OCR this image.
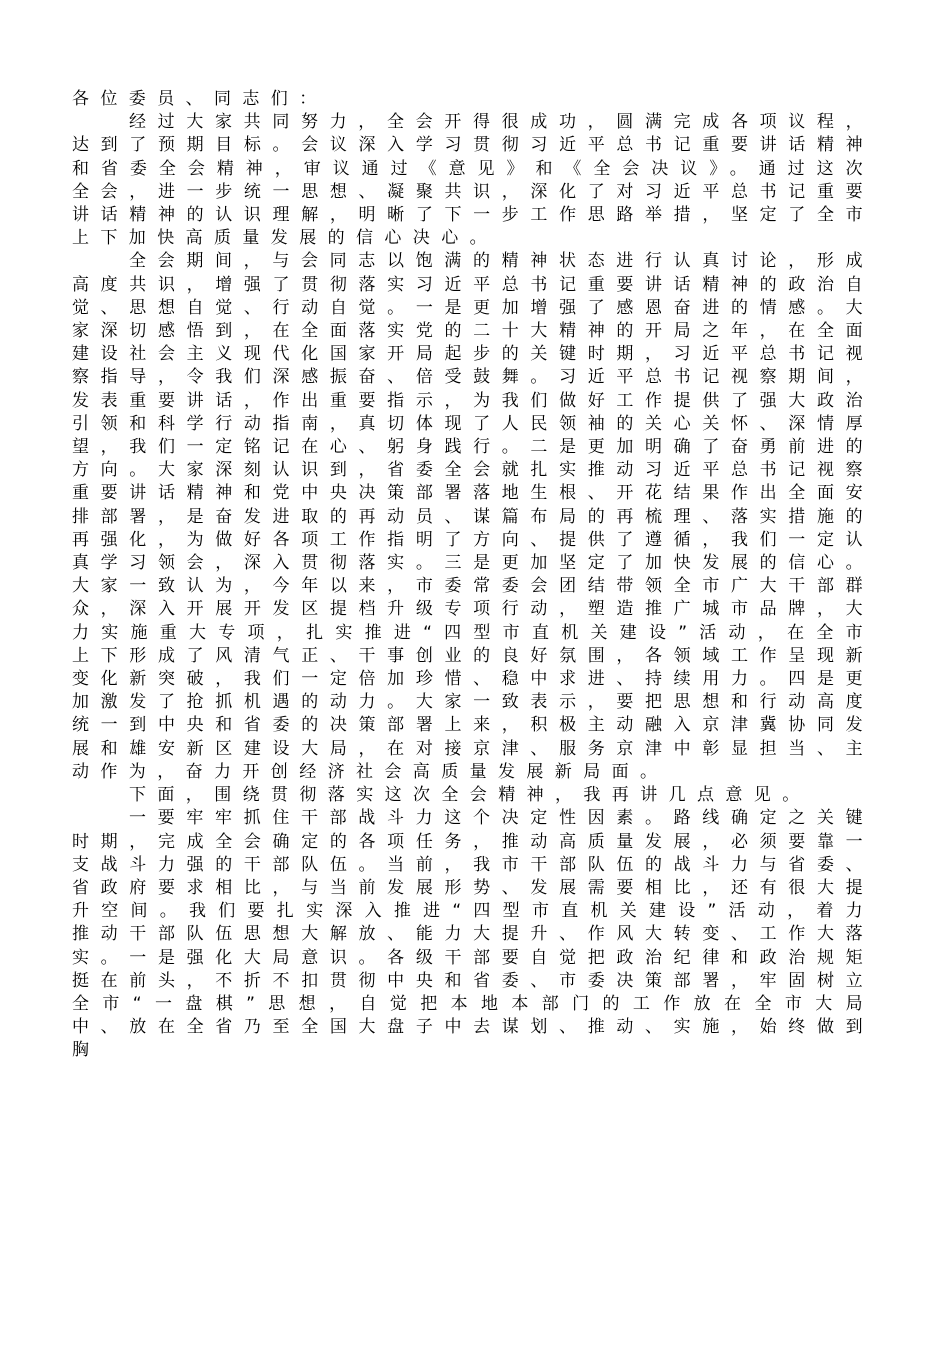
各位委员、同志们：

经过大家共同努力，全会开得很成功，圆满完成各项议程，达到了预期目标。会议深入学习贯彻习近平总书记重要讲话精神和省委全会精神，审议通过《意见》和《全会决议》。通过这次全会，进一步统一思想、凝聚共识，深化了对习近平总书记重要讲话精神的认识理解，明晰了下一步工作思路举措，坚定了全市上下加快高质量发展的信心决心。

全会期间，与会同志以饱满的精神状态进行认真讨论，形成高度共识，增强了贯彻落实习近平总书记重要讲话精神的政治自觉、思想自觉、行动自觉。一是更加增强了感恩奋进的情感。大家深切感悟到，在全面落实党的二十大精神的开局之年，在全面建设社会主义现代化国家开局起步的关键时期，习近平总书记视察指导，令我们深感振奋、倍受鼓舞。习近平总书记视察期间，发表重要讲话，作出重要指示，为我们做好工作提供了强大政治引领和科学行动指南，真切体现了人民领袖的关心关怀、深情厚望，我们一定铭记在心、躬身践行。二是更加明确了奋勇前进的方向。大家深刻认识到，省委全会就扎实推动习近平总书记视察重要讲话精神和党中央决策部署落地生根、开花结果作出全面安排部署，是奋发进取的再动员、谋篇布局的再梳理、落实措施的再强化，为做好各项工作指明了方向、提供了遵循，我们一定认真学习领会，深入贯彻落实。三是更加坚定了加快发展的信心。大家一致认为，今年以来，市委常委会团结带领全市广大干部群众，深入开展开发区提档升级专项行动，塑造推广城市品牌，大力实施重大专项，扎实推进“四型市直机关建设”活动，在全市上下形成了风清气正、干事创业的良好氛围，各领域工作呈现新变化新突破，我们一定倍加珍惜、稳中求进、持续用力。四是更加激发了抢抓机遇的动力。大家一致表示，要把思想和行动高度统一到中央和省委的决策部署上来，积极主动融入京津冀协同发展和雄安新区建设大局，在对接京津、服务京津中彰显担当、主动作为，奋力开创经济社会高质量发展新局面。

下面，围绕贯彻落实这次全会精神，我再讲几点意见。

一要牢牢抓住干部战斗力这个决定性因素。路线确定之关键时期，完成全会确定的各项任务，推动高质量发展，必须要靠一支战斗力强的干部队伍。当前，我市干部队伍的战斗力与省委、省政府要求相比，与当前发展形势、发展需要相比，还有很大提升空间。我们要扎实深入推进“四型市直机关建设”活动，着力推动干部队伍思想大解放、能力大提升、作风大转变、工作大落实。一是强化大局意识。各级干部要自觉把政治纪律和政治规矩挺在前头，不折不扣贯彻中央和省委、市委决策部署，牢固树立全市“一盘棋”思想，自觉把本地本部门的工作放在全市大局中、放在全省乃至全国大盘子中去谋划、推动、实施，始终做到胸
